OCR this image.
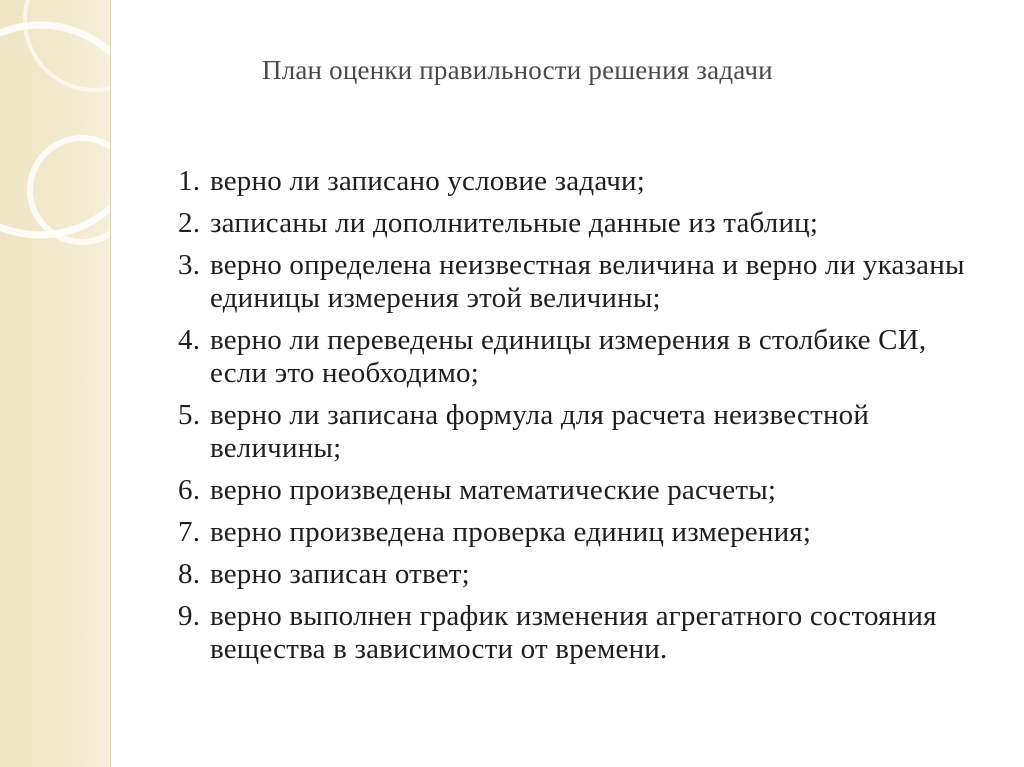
План оценки правильности решения задачи
1. верно ли записано условие задачи;
2. записаны ли дополнительные данные из таблиц;
3. верно определена неизвестная величина и верно ли указаны единицы измерения этой величины;
4. верно ли переведены единицы измерения в столбике СИ, если это необходимо;
5. верно ли записана формула для расчета неизвестной величины;
6. верно произведены математические расчеты;
7. верно произведена проверка единиц измерения;
8. верно записан ответ;
9. верно выполнен график изменения агрегатного состояния вещества в зависимости от времени.
